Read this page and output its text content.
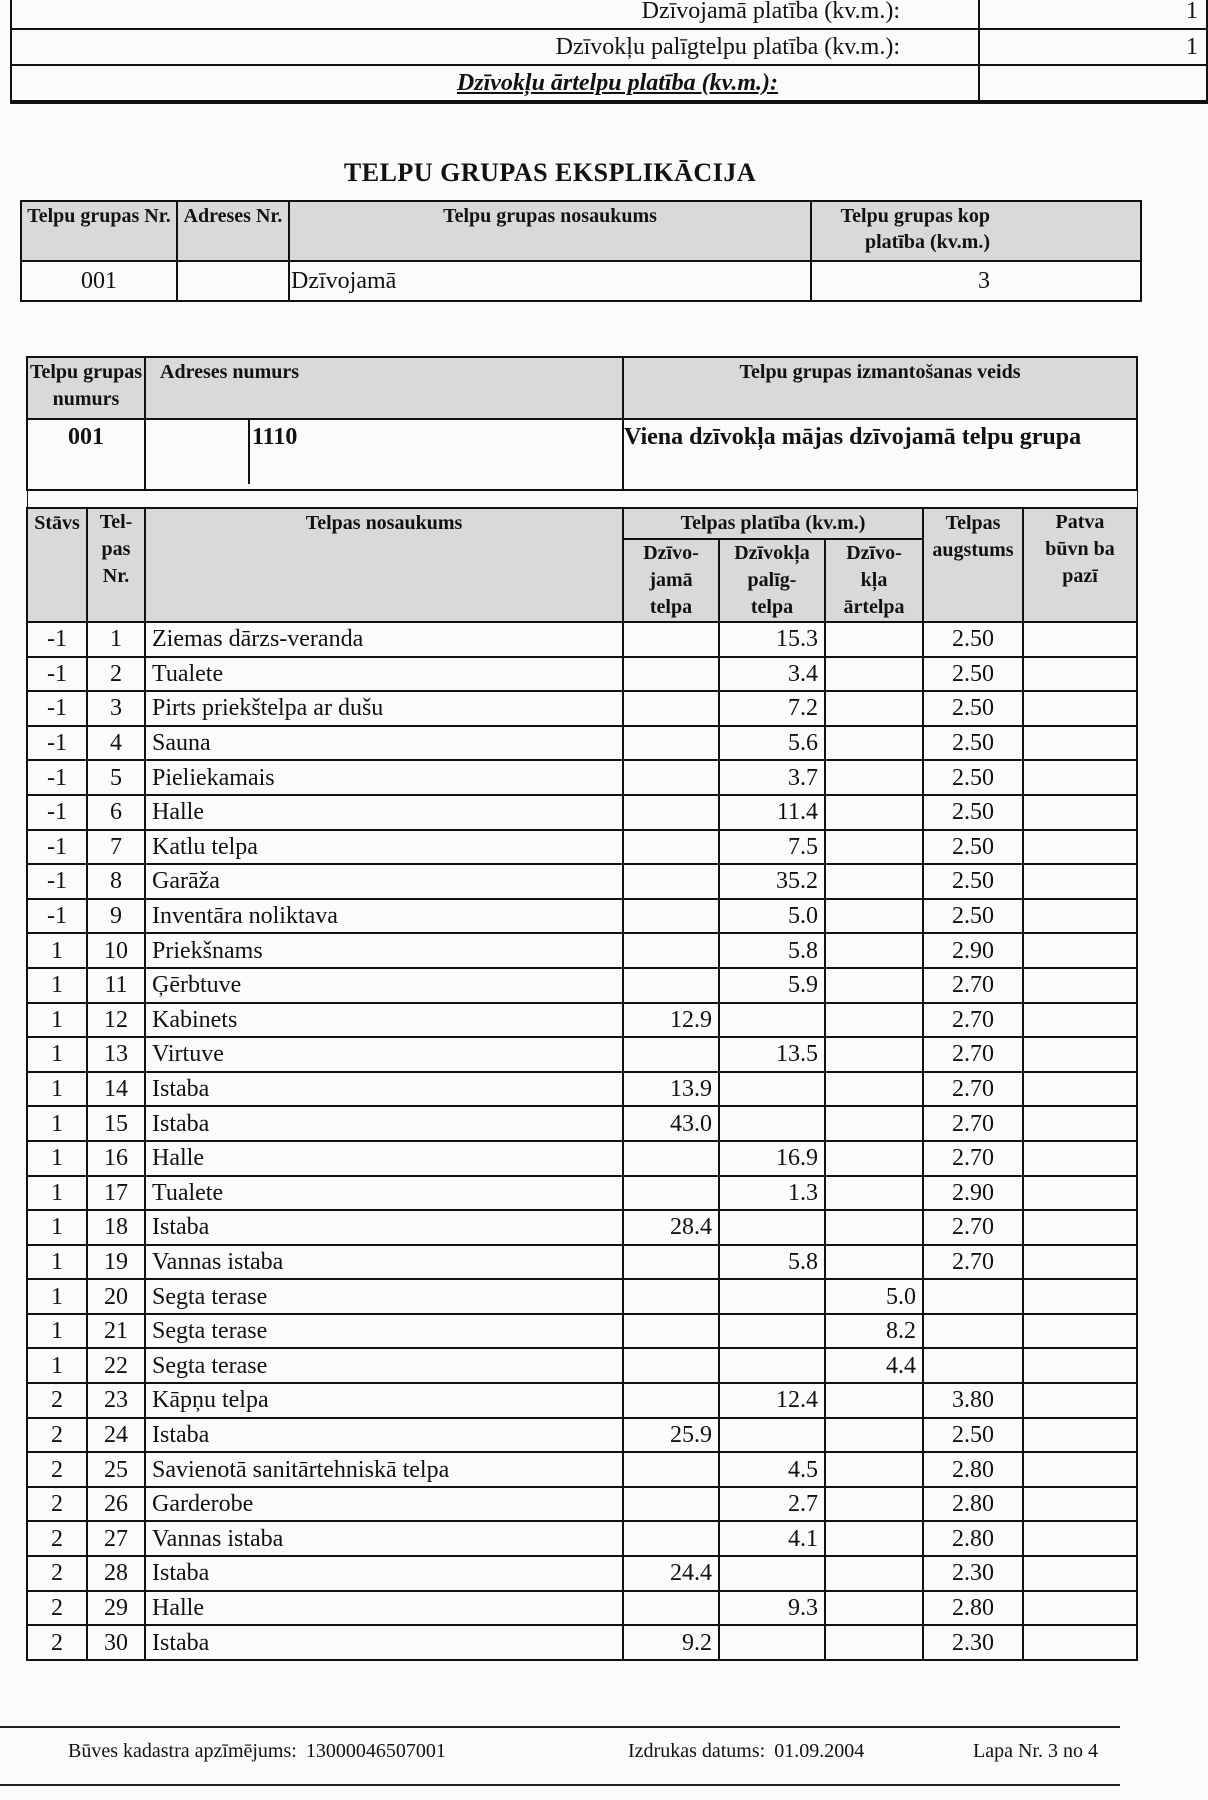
Dzīvojamā platība (kv.m.):	1
Dzīvokļu palīgtelpu platība (kv.m.):	1
Dzīvokļu ārtelpu platība (kv.m.):	
TELPU GRUPAS EKSPLIKĀCIJA
Telpu grupas Nr.	Adreses Nr.	Telpu grupas nosaukums	Telpu grupas kop platība (kv.m.)
001		Dzīvojamā	3
Telpu grupas numurs		Adreses numurs	Telpu grupas izmantošanas veids				
001		1110	Viena dzīvokļa mājas dzīvojamā telpu grupa				

Stāvs	Tel- pas Nr.	Telpas nosaukums	Telpas platība (kv.m.)			Telpas augstums	Patva būvn ba pazī
			Dzīvo- jamā telpa	Dzīvokļa palīg- telpa	Dzīvo- kļa ārtelpa		
-1	1	Ziemas dārzs-veranda		15.3		2.50	
-1	2	Tualete		3.4		2.50	
-1	3	Pirts priekštelpa ar dušu		7.2		2.50	
-1	4	Sauna		5.6		2.50	
-1	5	Pieliekamais		3.7		2.50	
-1	6	Halle		11.4		2.50	
-1	7	Katlu telpa		7.5		2.50	
-1	8	Garāža		35.2		2.50	
-1	9	Inventāra noliktava		5.0		2.50	
1	10	Priekšnams		5.8		2.90	
1	11	Ģērbtuve		5.9		2.70	
1	12	Kabinets	12.9			2.70	
1	13	Virtuve		13.5		2.70	
1	14	Istaba	13.9			2.70	
1	15	Istaba	43.0			2.70	
1	16	Halle		16.9		2.70	
1	17	Tualete		1.3		2.90	
1	18	Istaba	28.4			2.70	
1	19	Vannas istaba		5.8		2.70	
1	20	Segta terase			5.0		
1	21	Segta terase			8.2		
1	22	Segta terase			4.4		
2	23	Kāpņu telpa		12.4		3.80	
2	24	Istaba	25.9			2.50	
2	25	Savienotā sanitārtehniskā telpa		4.5		2.80	
2	26	Garderobe		2.7		2.80	
2	27	Vannas istaba		4.1		2.80	
2	28	Istaba	24.4			2.30	
2	29	Halle		9.3		2.80	
2	30	Istaba	9.2			2.30	
Būves kadastra apzīmējums: 13000046507001	Izdrukas datums: 01.09.2004	Lapa Nr. 3 no 4
